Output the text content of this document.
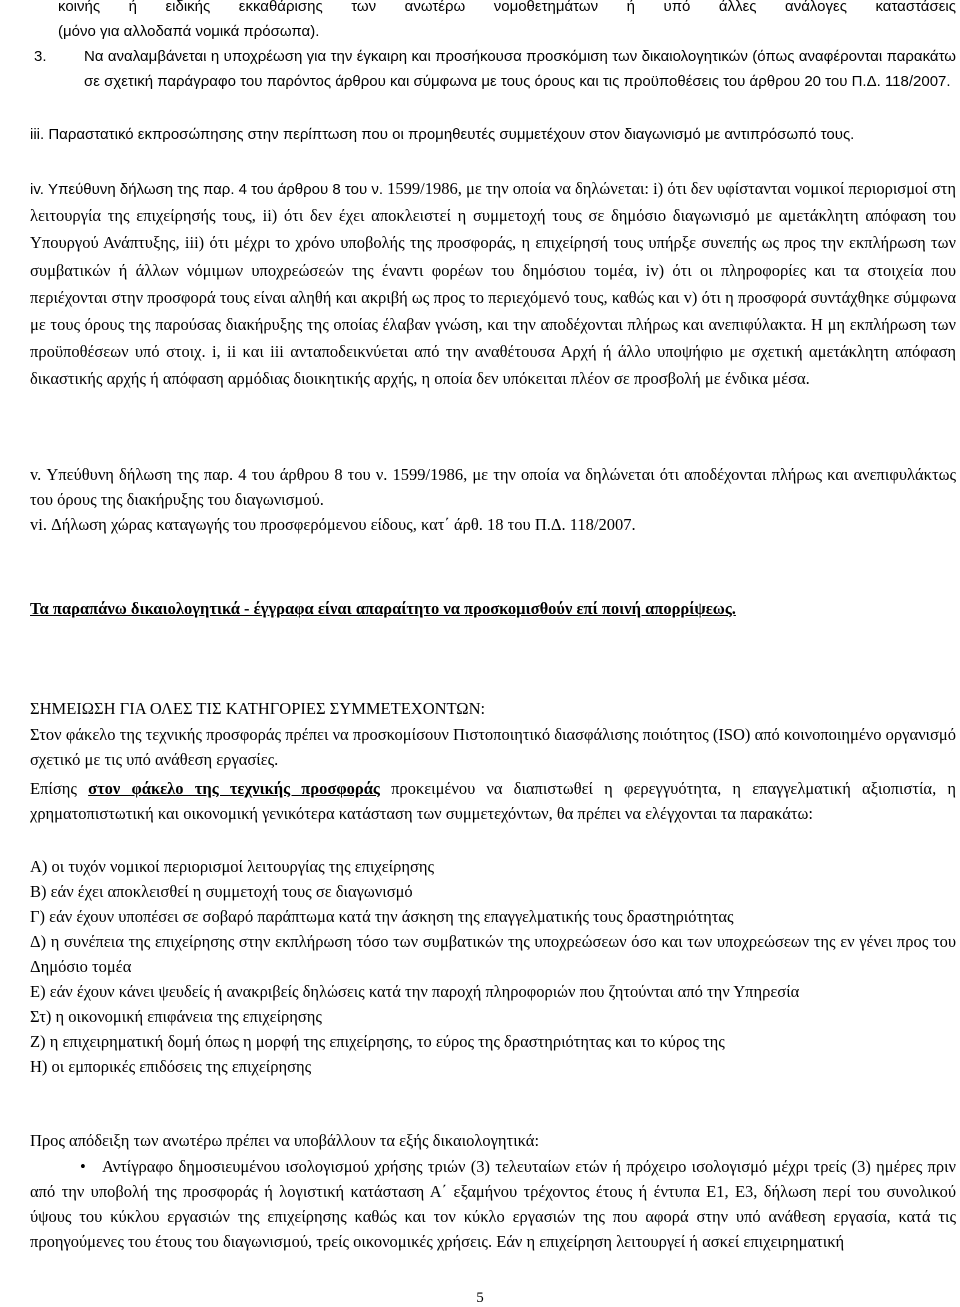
κοινής ή ειδικής εκκαθάρισης των ανωτέρω νομοθετημάτων ή υπό άλλες ανάλογες καταστάσεις
(μόνο για αλλοδαπά νομικά πρόσωπα).
3.	Να αναλαμβάνεται η υποχρέωση για την έγκαιρη και προσήκουσα προσκόμιση των δικαιολογητικών (όπως αναφέρονται παρακάτω σε σχετική παράγραφο του παρόντος άρθρου και σύμφωνα με τους όρους και τις προϋποθέσεις του άρθρου 20 του Π.Δ. 118/2007.
iii. Παραστατικό εκπροσώπησης στην περίπτωση που οι προμηθευτές συμμετέχουν στον διαγωνισμό με αντιπρόσωπό τους.
iv. Υπεύθυνη δήλωση της παρ. 4 του άρθρου 8 του ν. 1599/1986, με την οποία να δηλώνεται: i) ότι δεν υφίστανται νομικοί περιορισμοί στη λειτουργία της επιχείρησής τους, ii) ότι δεν έχει αποκλειστεί η συμμετοχή τους σε δημόσιο διαγωνισμό με αμετάκλητη απόφαση του Υπουργού Ανάπτυξης, iii) ότι μέχρι το χρόνο υποβολής της προσφοράς, η επιχείρησή τους υπήρξε συνεπής ως προς την εκπλήρωση των συμβατικών ή άλλων νόμιμων υποχρεώσεών της έναντι φορέων του δημόσιου τομέα, iv) ότι οι πληροφορίες και τα στοιχεία που περιέχονται στην προσφορά τους είναι αληθή και ακριβή ως προς το περιεχόμενό τους, καθώς και v) ότι η προσφορά συντάχθηκε σύμφωνα με τους όρους της παρούσας διακήρυξης της οποίας έλαβαν γνώση, και την αποδέχονται πλήρως και ανεπιφύλακτα. Η μη εκπλήρωση των προϋποθέσεων υπό στοιχ. i, ii και iii ανταποδεικνύεται από την αναθέτουσα Αρχή ή άλλο υποψήφιο με σχετική αμετάκλητη απόφαση δικαστικής αρχής ή απόφαση αρμόδιας διοικητικής αρχής, η οποία δεν υπόκειται πλέον σε προσβολή με ένδικα μέσα.
v. Υπεύθυνη δήλωση της παρ. 4 του άρθρου 8 του ν. 1599/1986, με την οποία να δηλώνεται ότι αποδέχονται πλήρως και ανεπιφυλάκτως του όρους της διακήρυξης του διαγωνισμού.
vi. Δήλωση χώρας καταγωγής του προσφερόμενου είδους, κατ΄ άρθ. 18 του Π.Δ. 118/2007.
Τα παραπάνω δικαιολογητικά - έγγραφα είναι απαραίτητο να προσκομισθούν επί ποινή απορρίψεως.
ΣΗΜΕΙΩΣΗ ΓΙΑ ΟΛΕΣ ΤΙΣ ΚΑΤΗΓΟΡΙΕΣ ΣΥΜΜΕΤΕΧΟΝΤΩΝ:
Στον φάκελο της τεχνικής προσφοράς πρέπει να προσκομίσουν Πιστοποιητικό διασφάλισης ποιότητος (ISO) από κοινοποιημένο οργανισμό σχετικό με τις υπό ανάθεση εργασίες.
Επίσης στον φάκελο της τεχνικής προσφοράς προκειμένου να διαπιστωθεί η φερεγγυότητα, η επαγγελματική αξιοπιστία, η χρηματοπιστωτική και οικονομική γενικότερα κατάσταση των συμμετεχόντων, θα πρέπει να ελέγχονται τα παρακάτω:
Α) οι τυχόν νομικοί περιορισμοί λειτουργίας της επιχείρησης
Β) εάν έχει αποκλεισθεί η συμμετοχή τους σε διαγωνισμό
Γ) εάν έχουν υποπέσει σε σοβαρό παράπτωμα κατά την άσκηση της επαγγελματικής τους δραστηριότητας
Δ) η συνέπεια της επιχείρησης στην εκπλήρωση τόσο των συμβατικών της υποχρεώσεων όσο και των υποχρεώσεων της εν γένει προς του Δημόσιο τομέα
Ε) εάν έχουν κάνει ψευδείς ή ανακριβείς δηλώσεις κατά την παροχή πληροφοριών που ζητούνται από την Υπηρεσία
Στ) η οικονομική επιφάνεια της επιχείρησης
Ζ) η επιχειρηματική δομή όπως η μορφή της επιχείρησης, το εύρος της δραστηριότητας και το κύρος της
Η) οι εμπορικές επιδόσεις της επιχείρησης
Προς απόδειξη των ανωτέρω πρέπει να υποβάλλουν τα εξής δικαιολογητικά:
• Αντίγραφο δημοσιευμένου ισολογισμού χρήσης τριών (3) τελευταίων ετών ή πρόχειρο ισολογισμό μέχρι τρείς (3) ημέρες πριν από την υποβολή της προσφοράς ή λογιστική κατάσταση Α΄ εξαμήνου τρέχοντος έτους ή έντυπα Ε1, Ε3, δήλωση περί του συνολικού ύψους του κύκλου εργασιών της επιχείρησης καθώς και τον κύκλο εργασιών της που αφορά στην υπό ανάθεση εργασία, κατά τις προηγούμενες του έτους του διαγωνισμού, τρείς οικονομικές χρήσεις. Εάν η επιχείρηση λειτουργεί ή ασκεί επιχειρηματική
5
